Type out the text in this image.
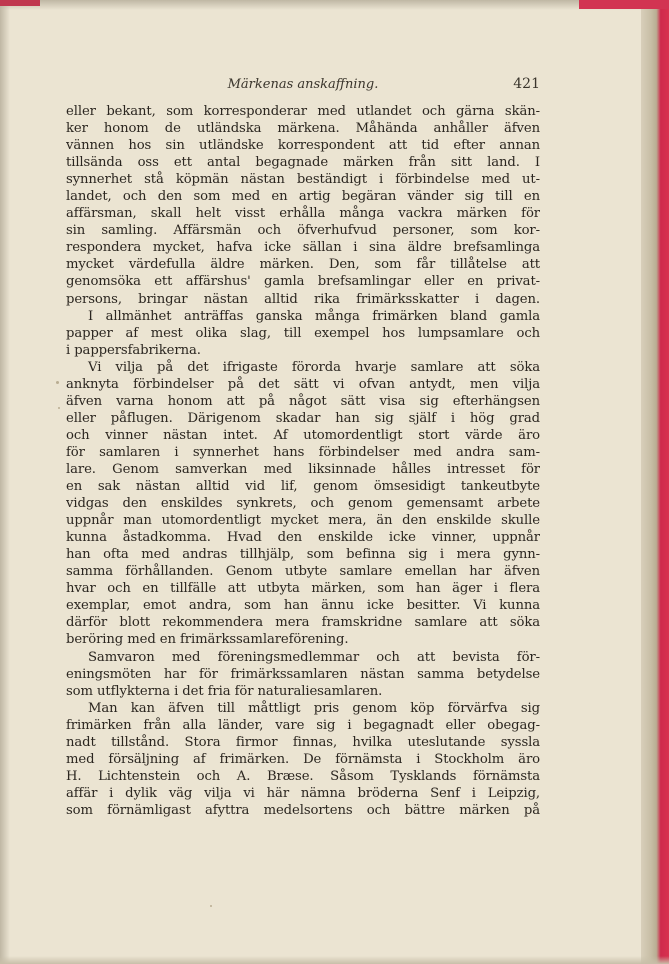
Märkenas anskaffning.	421
eller bekant, som korresponderar med utlandet och gärna skän-
ker honom de utländska märkena. Måhända anhåller äfven
vännen hos sin utländske korrespondent att tid efter annan
tillsända oss ett antal begagnade märken från sitt land. I
synnerhet stå köpmän nästan beständigt i förbindelse med ut-
landet, och den som med en artig begäran vänder sig till en
affärsman, skall helt visst erhålla många vackra märken för
sin samling. Affärsmän och öfverhufvud personer, som kor-
respondera mycket, hafva icke sällan i sina äldre brefsamlinga
mycket värdefulla äldre märken. Den, som får tillåtelse att
genomsöka ett affärshus' gamla brefsamlingar eller en privat-
persons, bringar nästan alltid rika frimärksskatter i dagen.
I allmänhet anträffas ganska många frimärken bland gamla
papper af mest olika slag, till exempel hos lumpsamlare och
i pappersfabrikerna.
Vi vilja på det ifrigaste förorda hvarje samlare att söka
anknyta förbindelser på det sätt vi ofvan antydt, men vilja
äfven varna honom att på något sätt visa sig efterhängsen
eller påflugen. Därigenom skadar han sig själf i hög grad
och vinner nästan intet. Af utomordentligt stort värde äro
för samlaren i synnerhet hans förbindelser med andra sam-
lare. Genom samverkan med liksinnade hålles intresset för
en sak nästan alltid vid lif, genom ömsesidigt tankeutbyte
vidgas den enskildes synkrets, och genom gemensamt arbete
uppnår man utomordentligt mycket mera, än den enskilde skulle
kunna åstadkomma. Hvad den enskilde icke vinner, uppnår
han ofta med andras tillhjälp, som befinna sig i mera gynn-
samma förhållanden. Genom utbyte samlare emellan har äfven
hvar och en tillfälle att utbyta märken, som han äger i flera
exemplar, emot andra, som han ännu icke besitter. Vi kunna
därför blott rekommendera mera framskridne samlare att söka
beröring med en frimärkssamlareförening.
Samvaron med föreningsmedlemmar och att bevista för-
eningsmöten har för frimärkssamlaren nästan samma betydelse
som utflykterna i det fria för naturaliesamlaren.
Man kan äfven till måttligt pris genom köp förvärfva sig
frimärken från alla länder, vare sig i begagnadt eller obegag-
nadt tillstånd. Stora firmor finnas, hvilka uteslutande syssla
med försäljning af frimärken. De förnämsta i Stockholm äro
H. Lichtenstein och A. Bræse. Såsom Tysklands förnämsta
affär i dylik väg vilja vi här nämna bröderna Senf i Leipzig,
som förnämligast afyttra medelsortens och bättre märken på
